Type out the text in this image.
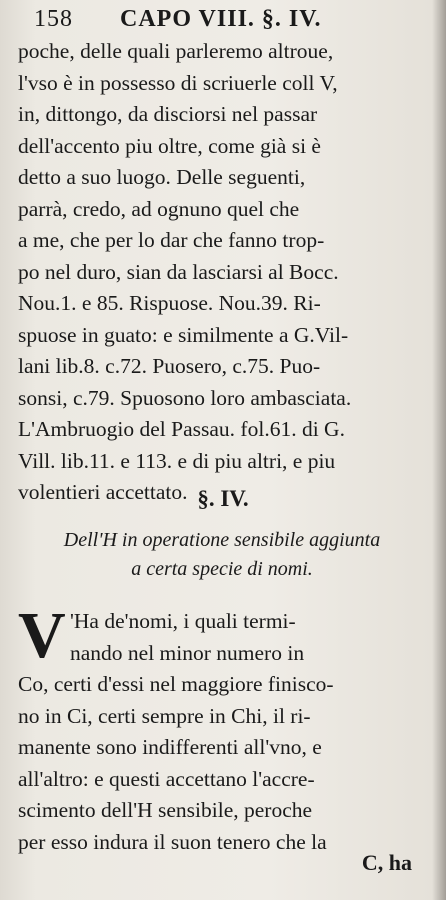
158 CAPO VIII. §. IV.
poche, delle quali parleremo altroue,
l'vso è in possesso di scriuerle coll V,
in, dittongo, da disciorsi nel passar
dell'accento piu oltre, come già si è
detto a suo luogo. Delle seguenti,
parrà, credo, ad ognuno quel che
a me, che per lo dar che fanno trop-
po nel duro, sian da lasciarsi al Bocc.
Nou.1. e 85. Rispuose. Nou.39. Ri-
spuose in guato: e similmente a G.Vil-
lani lib.8. c.72. Puosero, c.75. Puo-
sonsi, c.79. Spuosono loro ambasciata.
L'Ambruogio del Passau. fol.61. di G.
Vill. lib.11. e 113. e di piu altri, e piu
volentieri accettato. §. IV.
Dell'H in operatione sensibile aggiunta
a certa specie di nomi.
V 'Ha de'nomi, i quali termi-
nando nel minor numero in
Co, certi d'essi nel maggiore finisco-
no in Ci, certi sempre in Chi, il ri-
manente sono indifferenti all'vno, e
all'altro: e questi accettano l'accre-
scimento dell'H sensibile, peroche
per esso indura il suon tenero che la
C, ha
